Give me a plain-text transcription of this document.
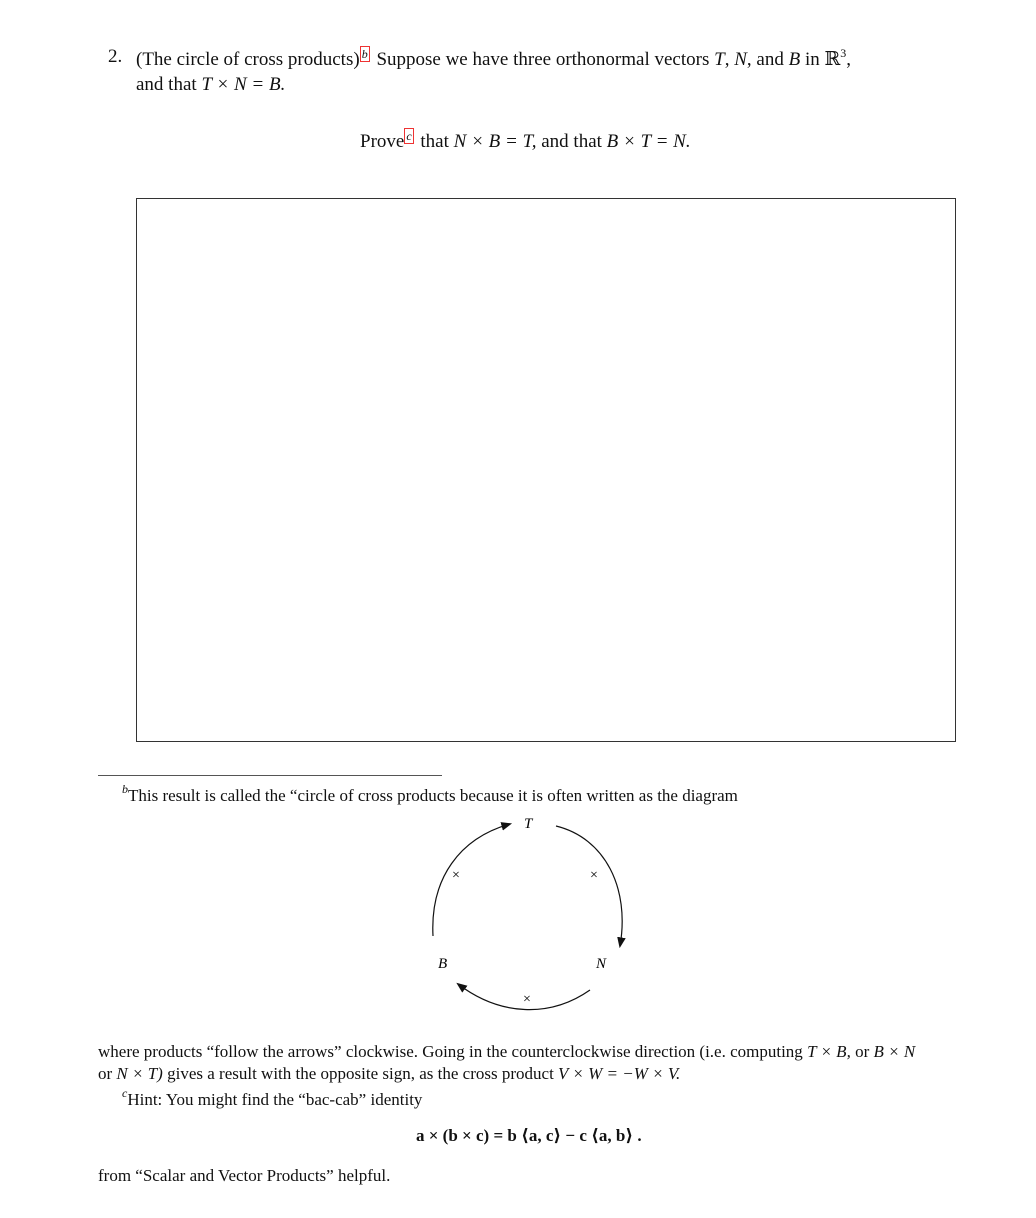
2. (The circle of cross products) b Suppose we have three orthonormal vectors T, N, and B in ℝ$^3$,
and that T × N = B.
Prove c that N × B = T, and that B × T = N.
$^b$This result is called the “circle of cross products because it is often written as the diagram
T
B	N
×	×
×
where products “follow the arrows” clockwise. Going in the counterclockwise direction (i.e. computing T × B, or B × N
or N × T) gives a result with the opposite sign, as the cross product V × W = −W × V.
$^c$Hint: You might find the “bac-cab” identity
a × (b × c) = b ⟨a, c⟩ − c ⟨a, b⟩ .
from “Scalar and Vector Products” helpful.
